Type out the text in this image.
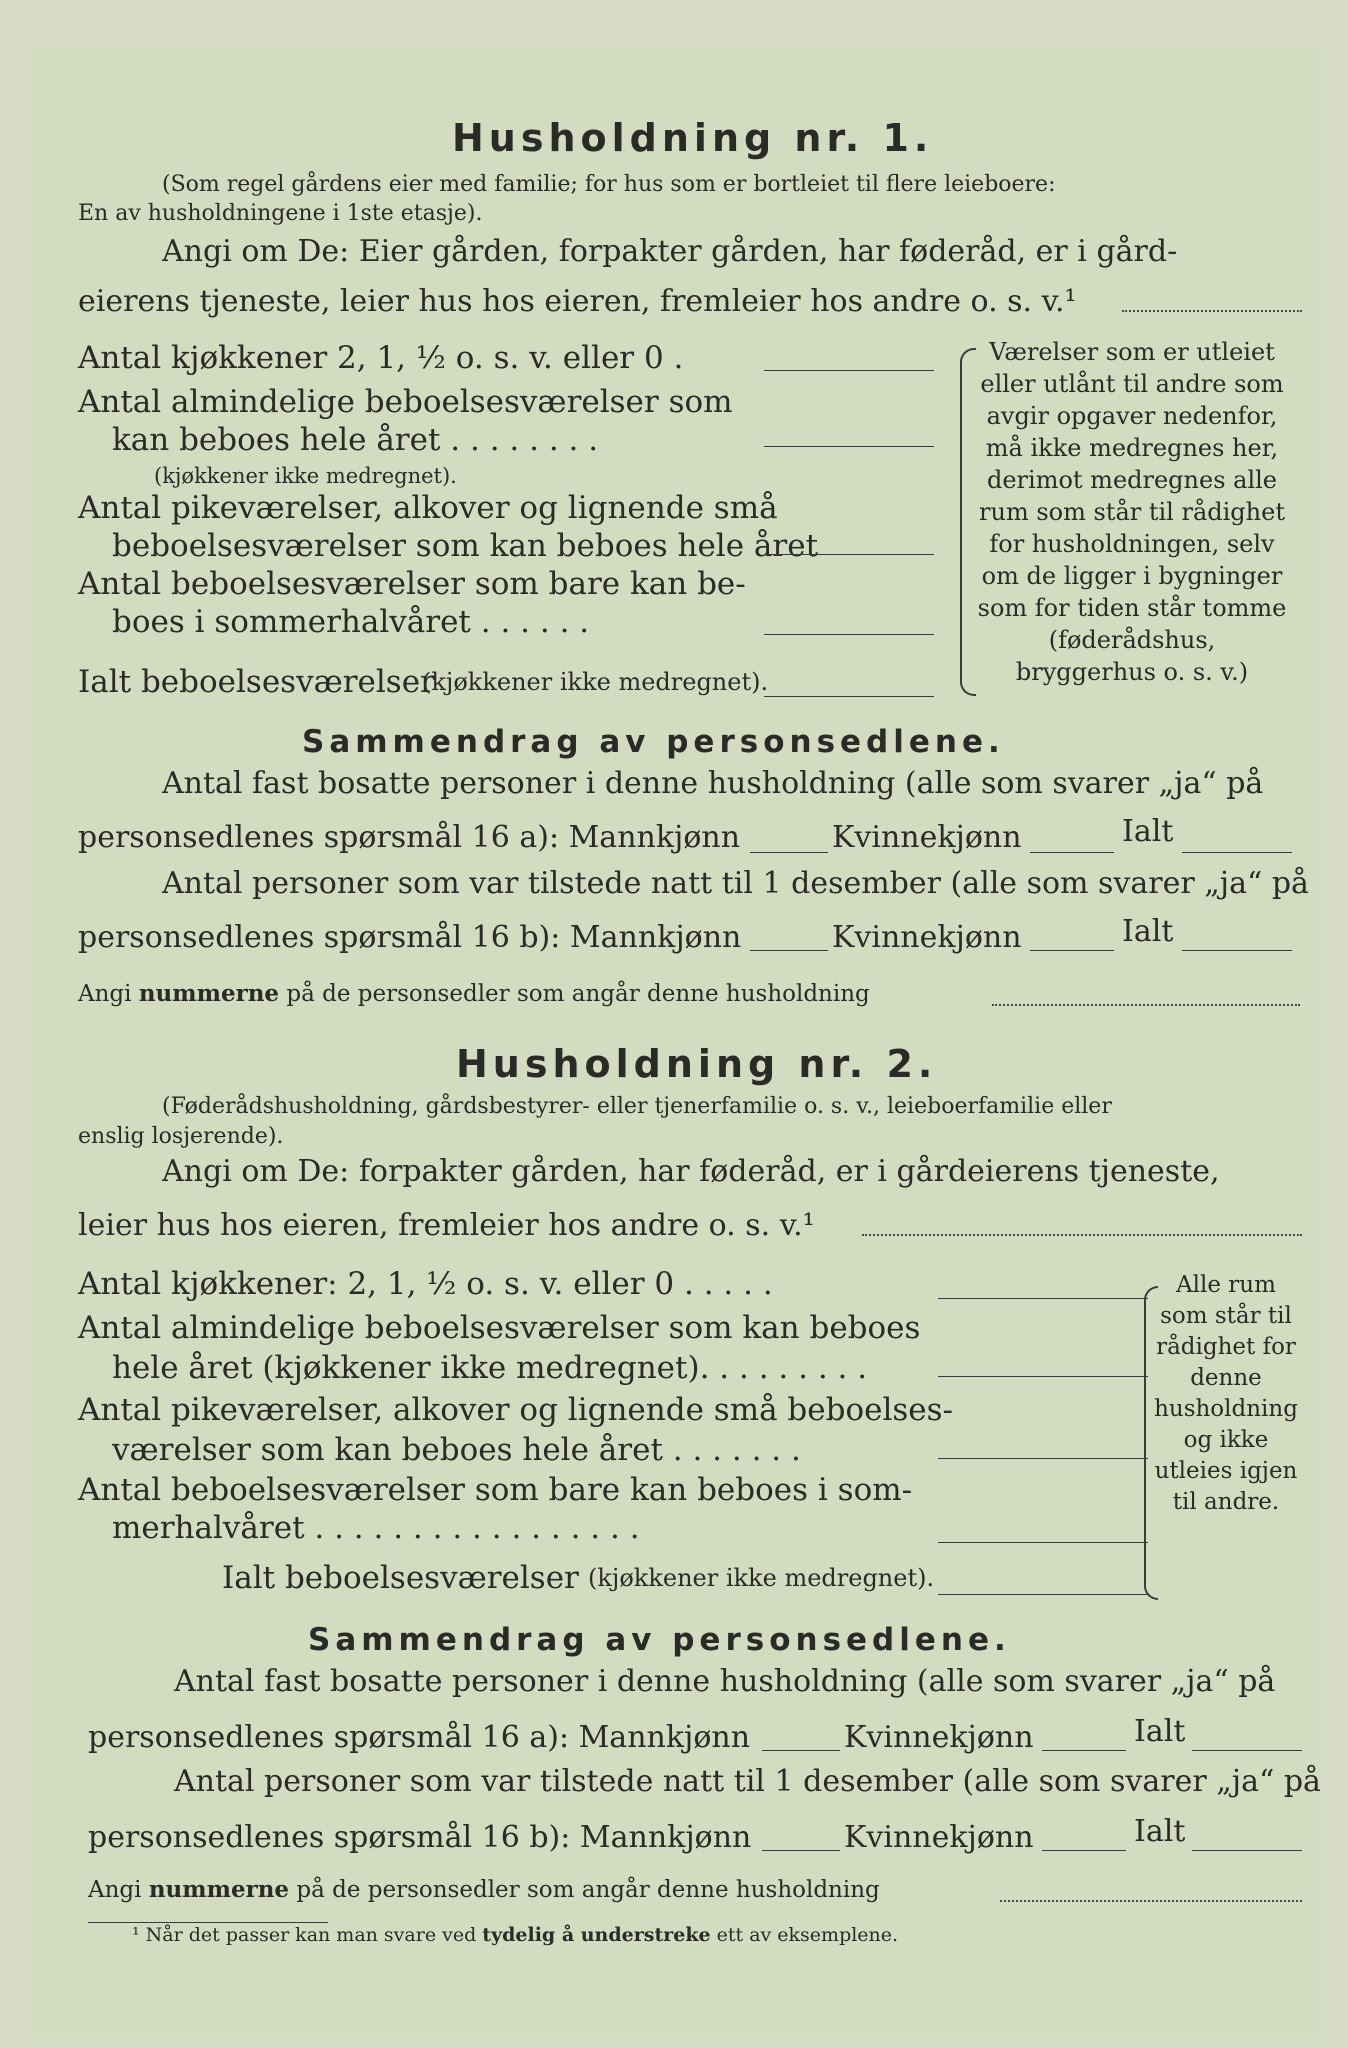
Husholdning nr. 1.
(Som regel gårdens eier med familie; for hus som er bortleiet til flere leieboere:
En av husholdningene i 1ste etasje).
Angi om De: Eier gården, forpakter gården, har føderåd, er i gård-
eierens tjeneste, leier hus hos eieren, fremleier hos andre o. s. v.¹
Antal kjøkkener 2, 1, ½ o. s. v. eller 0 .
Antal almindelige beboelsesværelser som
kan beboes hele året . . . . . . . .
(kjøkkener ikke medregnet).
Antal pikeværelser, alkover og lignende små
beboelsesværelser som kan beboes hele året
Antal beboelsesværelser som bare kan be-
boes i sommerhalvåret . . . . . .
Ialt beboelsesværelser
(kjøkkener ikke medregnet).
Værelser som er utleiet eller utlånt til andre som avgir opgaver nedenfor, må ikke medregnes her, derimot medregnes alle rum som står til rådighet for husholdningen, selv om de ligger i bygninger som for tiden står tomme (føderådshus, bryggerhus o. s. v.)
Sammendrag av personsedlene.
Antal fast bosatte personer i denne husholdning (alle som svarer „ja“ på
personsedlenes spørsmål 16 a): Mannkjønn	Kvinnekjønn	Ialt
Antal personer som var tilstede natt til 1 desember (alle som svarer „ja“ på
personsedlenes spørsmål 16 b): Mannkjønn	Kvinnekjønn	Ialt
Angi nummerne på de personsedler som angår denne husholdning
Husholdning nr. 2.
(Føderådshusholdning, gårdsbestyrer- eller tjenerfamilie o. s. v., leieboerfamilie eller
enslig losjerende).
Angi om De: forpakter gården, har føderåd, er i gårdeierens tjeneste,
leier hus hos eieren, fremleier hos andre o. s. v.¹
Antal kjøkkener: 2, 1, ½ o. s. v. eller 0 . . . . .
Antal almindelige beboelsesværelser som kan beboes
hele året (kjøkkener ikke medregnet). . . . . . . . .
Antal pikeværelser, alkover og lignende små beboelses-
værelser som kan beboes hele året . . . . . . .
Antal beboelsesværelser som bare kan beboes i som-
merhalvåret . . . . . . . . . . . . . . . . .
Ialt beboelsesværelser (kjøkkener ikke medregnet).
Alle rum som står til rådighet for denne husholdning og ikke utleies igjen til andre.
Sammendrag av personsedlene.
Antal fast bosatte personer i denne husholdning (alle som svarer „ja“ på
personsedlenes spørsmål 16 a): Mannkjønn	Kvinnekjønn	Ialt
Antal personer som var tilstede natt til 1 desember (alle som svarer „ja“ på
personsedlenes spørsmål 16 b): Mannkjønn	Kvinnekjønn	Ialt
Angi nummerne på de personsedler som angår denne husholdning
¹ Når det passer kan man svare ved tydelig å understreke ett av eksemplene.
